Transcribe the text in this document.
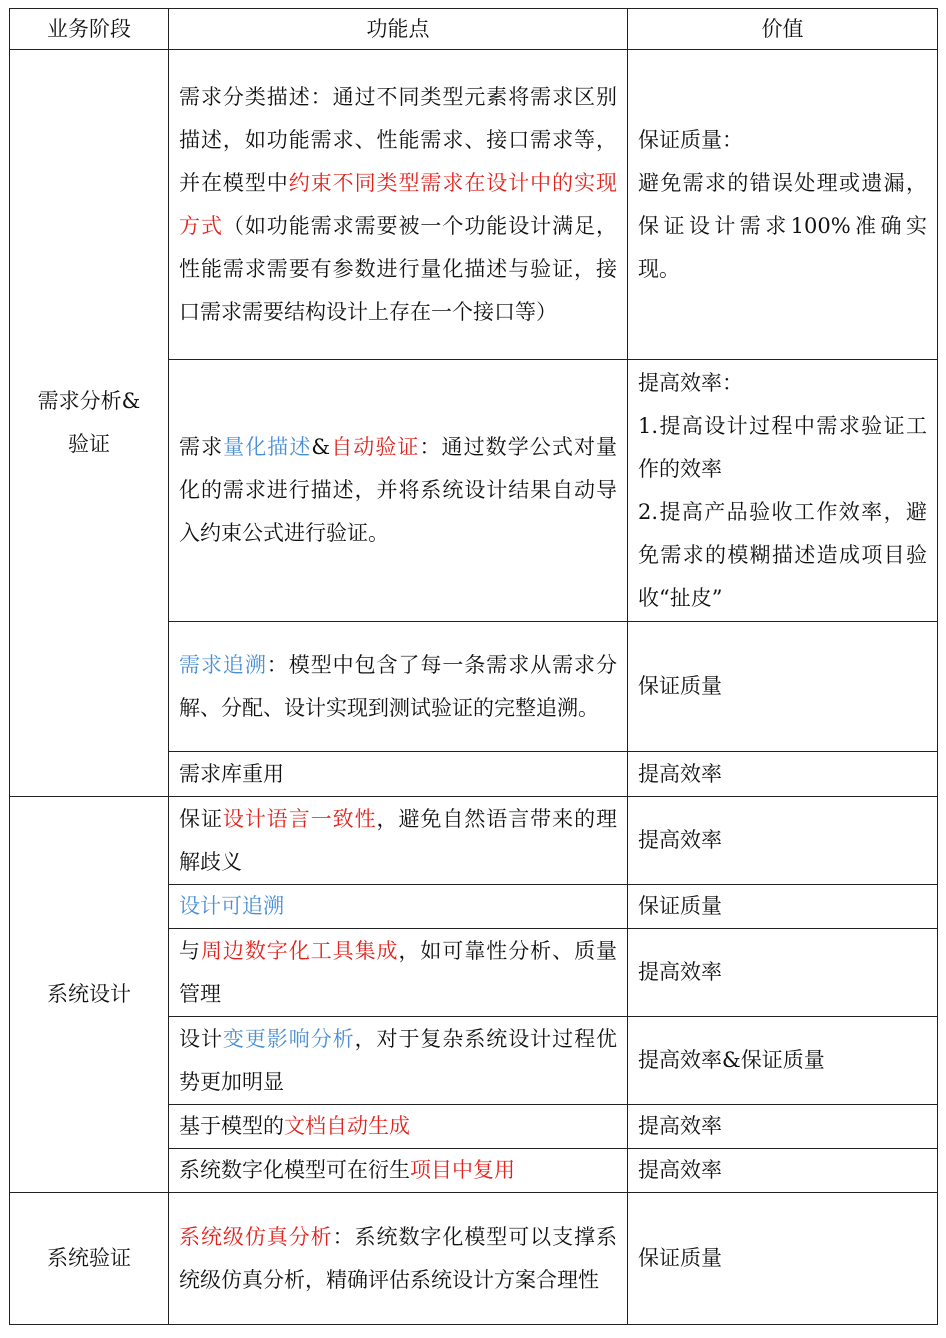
业务阶段	功能点	价值
需求分析&验证	需求分类描述：通过不同类型元素将需求区别描述，如功能需求、性能需求、接口需求等，并在模型中约束不同类型需求在设计中的实现方式（如功能需求需要被一个功能设计满足，性能需求需要有参数进行量化描述与验证，接口需求需要结构设计上存在一个接口等）	保证质量：
避免需求的错误处理或遗漏，保证设计需求100%准确实现。

	需求量化描述&自动验证：通过数学公式对量化的需求进行描述，并将系统设计结果自动导入约束公式进行验证。	提高效率：
1.提高设计过程中需求验证工作的效率
2.提高产品验收工作效率，避免需求的模糊描述造成项目验收“扯皮”

	需求追溯：模型中包含了每一条需求从需求分解、分配、设计实现到测试验证的完整追溯。	保证质量

	需求库重用	提高效率

系统设计	保证设计语言一致性，避免自然语言带来的理解歧义	提高效率

	设计可追溯	保证质量

	与周边数字化工具集成，如可靠性分析、质量管理	提高效率

	设计变更影响分析，对于复杂系统设计过程优势更加明显	提高效率&保证质量

	基于模型的文档自动生成	提高效率

	系统数字化模型可在衍生项目中复用	提高效率

系统验证	系统级仿真分析：系统数字化模型可以支撑系统级仿真分析，精确评估系统设计方案合理性	保证质量
